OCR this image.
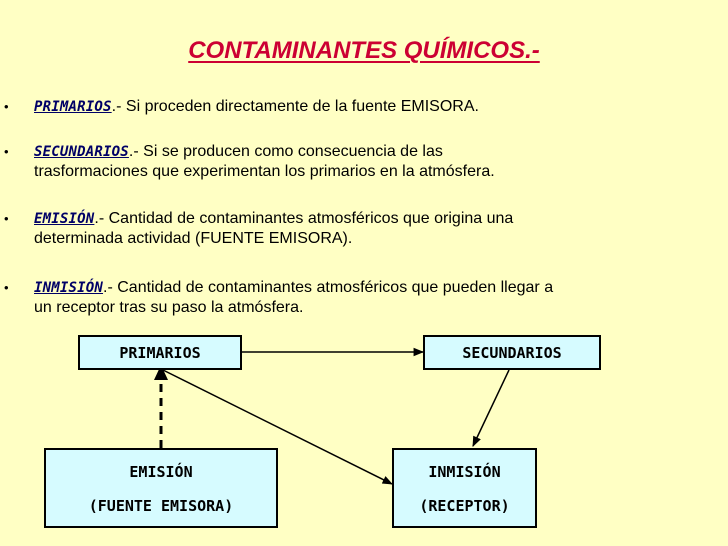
CONTAMINANTES QUÍMICOS.-
• PRIMARIOS.- Si proceden directamente de la fuente EMISORA.
• SECUNDARIOS.- Si se producen como consecuencia de las
trasformaciones que experimentan los primarios en la atmósfera.
• EMISIÓN.- Cantidad de contaminantes atmosféricos que origina una
determinada actividad (FUENTE EMISORA).
• INMISIÓN.- Cantidad de contaminantes atmosféricos que pueden llegar a
un receptor tras su paso la atmósfera.
PRIMARIOS	SECUNDARIOS
EMISIÓN
(FUENTE EMISORA)
INMISIÓN
(RECEPTOR)
